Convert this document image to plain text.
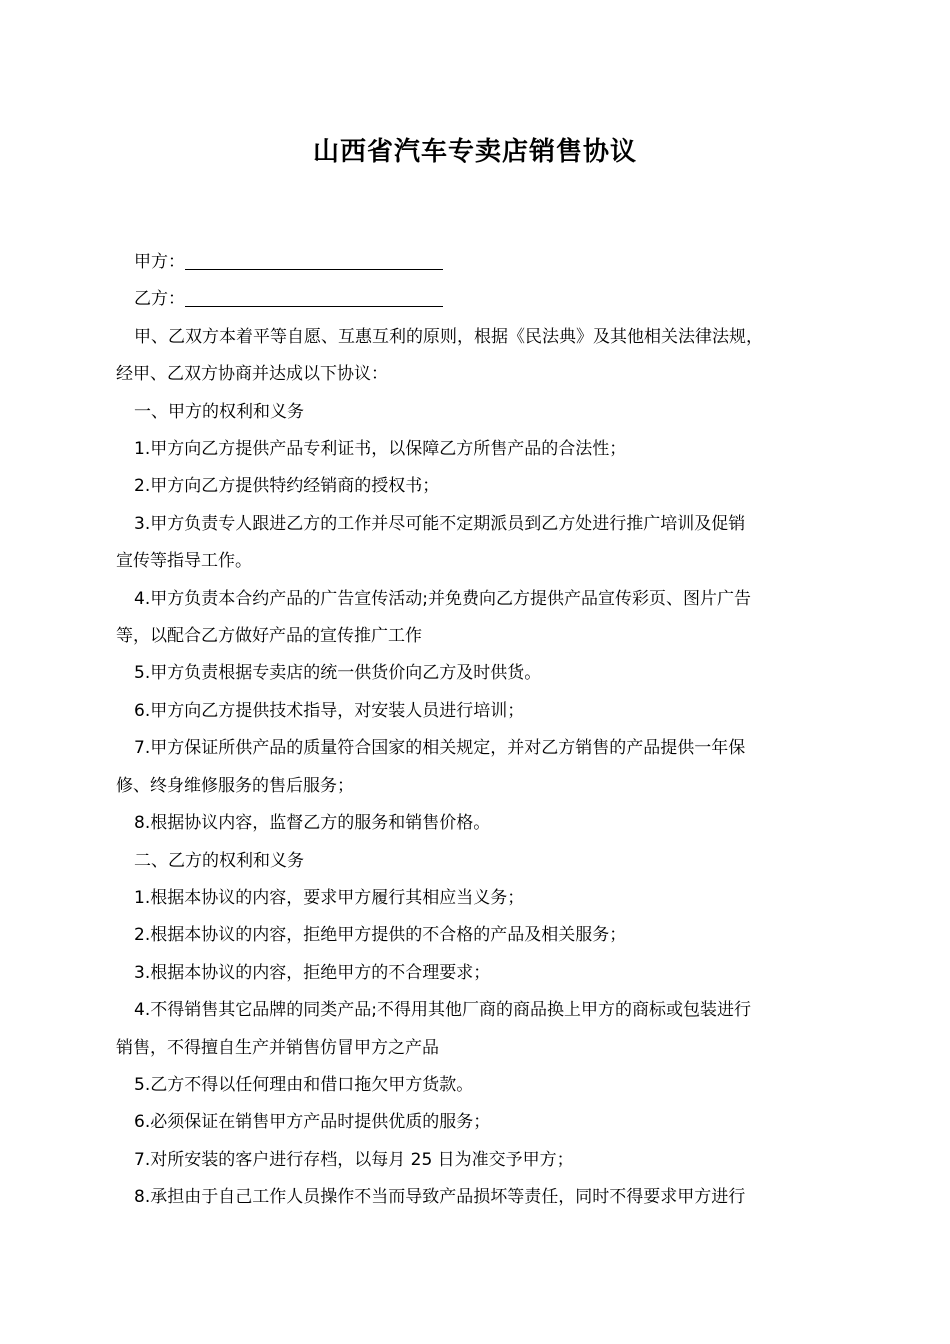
山西省汽车专卖店销售协议
甲方：
乙方：
甲、乙双方本着平等自愿、互惠互利的原则，根据《民法典》及其他相关法律法规，
经甲、乙双方协商并达成以下协议：
一、甲方的权利和义务
1.甲方向乙方提供产品专利证书，以保障乙方所售产品的合法性；
2.甲方向乙方提供特约经销商的授权书；
3.甲方负责专人跟进乙方的工作并尽可能不定期派员到乙方处进行推广培训及促销
宣传等指导工作。
4.甲方负责本合约产品的广告宣传活动;并免费向乙方提供产品宣传彩页、图片广告
等，以配合乙方做好产品的宣传推广工作
5.甲方负责根据专卖店的统一供货价向乙方及时供货。
6.甲方向乙方提供技术指导，对安装人员进行培训；
7.甲方保证所供产品的质量符合国家的相关规定，并对乙方销售的产品提供一年保
修、终身维修服务的售后服务；
8.根据协议内容，监督乙方的服务和销售价格。
二、乙方的权利和义务
1.根据本协议的内容，要求甲方履行其相应当义务；
2.根据本协议的内容，拒绝甲方提供的不合格的产品及相关服务；
3.根据本协议的内容，拒绝甲方的不合理要求；
4.不得销售其它品牌的同类产品;不得用其他厂商的商品换上甲方的商标或包装进行
销售，不得擅自生产并销售仿冒甲方之产品
5.乙方不得以任何理由和借口拖欠甲方货款。
6.必须保证在销售甲方产品时提供优质的服务；
7.对所安装的客户进行存档，以每月 25 日为准交予甲方；
8.承担由于自己工作人员操作不当而导致产品损坏等责任，同时不得要求甲方进行
